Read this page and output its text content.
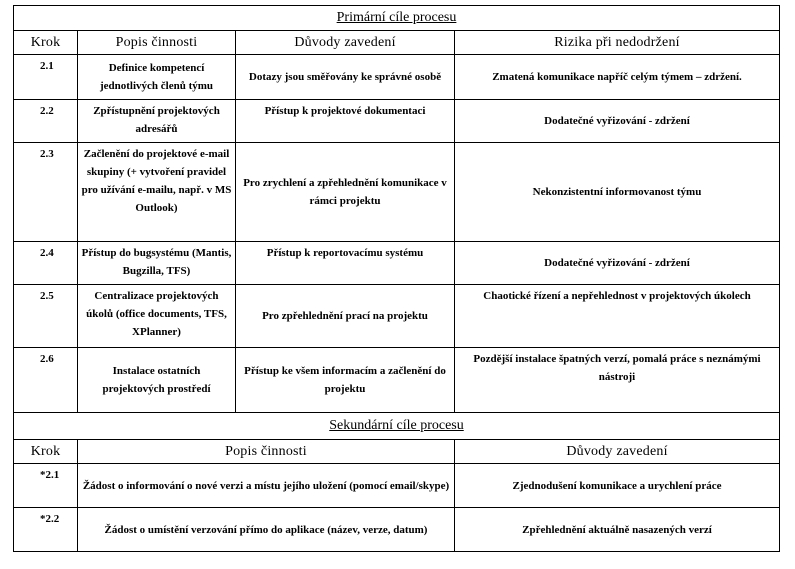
Primární cíle procesu			
Krok	Popis činnosti	Důvody zavedení	Rizika při nedodržení
2.1	Definice kompetencí jednotlivých členů týmu	Dotazy jsou směřovány ke správné osobě	Zmatená komunikace napříč celým týmem – zdržení.
2.2	Zpřístupnění projektových adresářů	Přístup k projektové dokumentaci	Dodatečné vyřizování - zdržení
2.3	Začlenění do projektové e-mail skupiny (+ vytvoření pravidel pro užívání e-mailu, např. v MS Outlook)	Pro zrychlení a zpřehlednění komunikace v rámci projektu	Nekonzistentní informovanost týmu
2.4	Přístup do bugsystému (Mantis, Bugzilla, TFS)	Přístup k reportovacímu systému	Dodatečné vyřizování - zdržení
2.5	Centralizace projektových úkolů (office documents, TFS, XPlanner)	Pro zpřehlednění prací na projektu	Chaotické řízení a nepřehlednost v projektových úkolech
2.6	Instalace ostatních projektových prostředí	Přístup ke všem informacím a začlenění do projektu	Pozdější instalace špatných verzí, pomalá práce s neznámými nástroji
Sekundární cíle procesu			
Krok	Popis činnosti		Důvody zavedení
*2.1	Žádost o informování o nové verzi a místu jejího uložení (pomocí email/skype)		Zjednodušení komunikace a urychlení práce
*2.2	Žádost o umístění verzování přímo do aplikace (název, verze, datum)		Zpřehlednění aktuálně nasazených verzí
